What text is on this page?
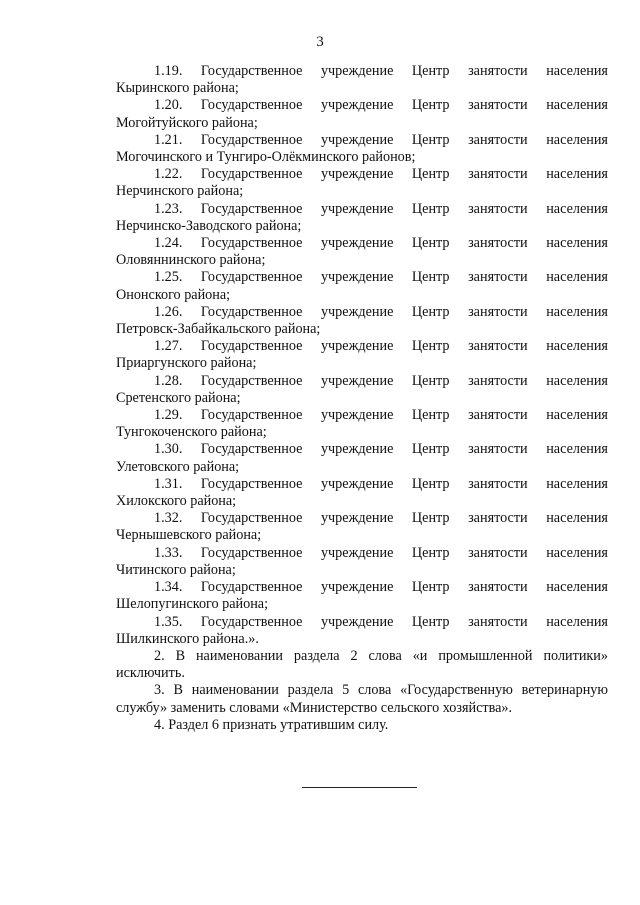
3
1.19. Государственное учреждение Центр занятости населения
Кыринского района;
1.20. Государственное учреждение Центр занятости населения
Могойтуйского района;
1.21. Государственное учреждение Центр занятости населения
Могочинского и Тунгиро-Олёкминского районов;
1.22. Государственное учреждение Центр занятости населения
Нерчинского района;
1.23. Государственное учреждение Центр занятости населения
Нерчинско-Заводского района;
1.24. Государственное учреждение Центр занятости населения
Оловяннинского района;
1.25. Государственное учреждение Центр занятости населения
Ононского района;
1.26. Государственное учреждение Центр занятости населения
Петровск-Забайкальского района;
1.27. Государственное учреждение Центр занятости населения
Приаргунского района;
1.28. Государственное учреждение Центр занятости населения
Сретенского района;
1.29. Государственное учреждение Центр занятости населения
Тунгокоченского района;
1.30. Государственное учреждение Центр занятости населения
Улетовского района;
1.31. Государственное учреждение Центр занятости населения
Хилокского района;
1.32. Государственное учреждение Центр занятости населения
Чернышевского района;
1.33. Государственное учреждение Центр занятости населения
Читинского района;
1.34. Государственное учреждение Центр занятости населения
Шелопугинского района;
1.35. Государственное учреждение Центр занятости населения
Шилкинского района.».
2. В наименовании раздела 2 слова «и промышленной политики» исключить.
3. В наименовании раздела 5 слова «Государственную ветеринарную службу» заменить словами «Министерство сельского хозяйства».
4. Раздел 6 признать утратившим силу.
